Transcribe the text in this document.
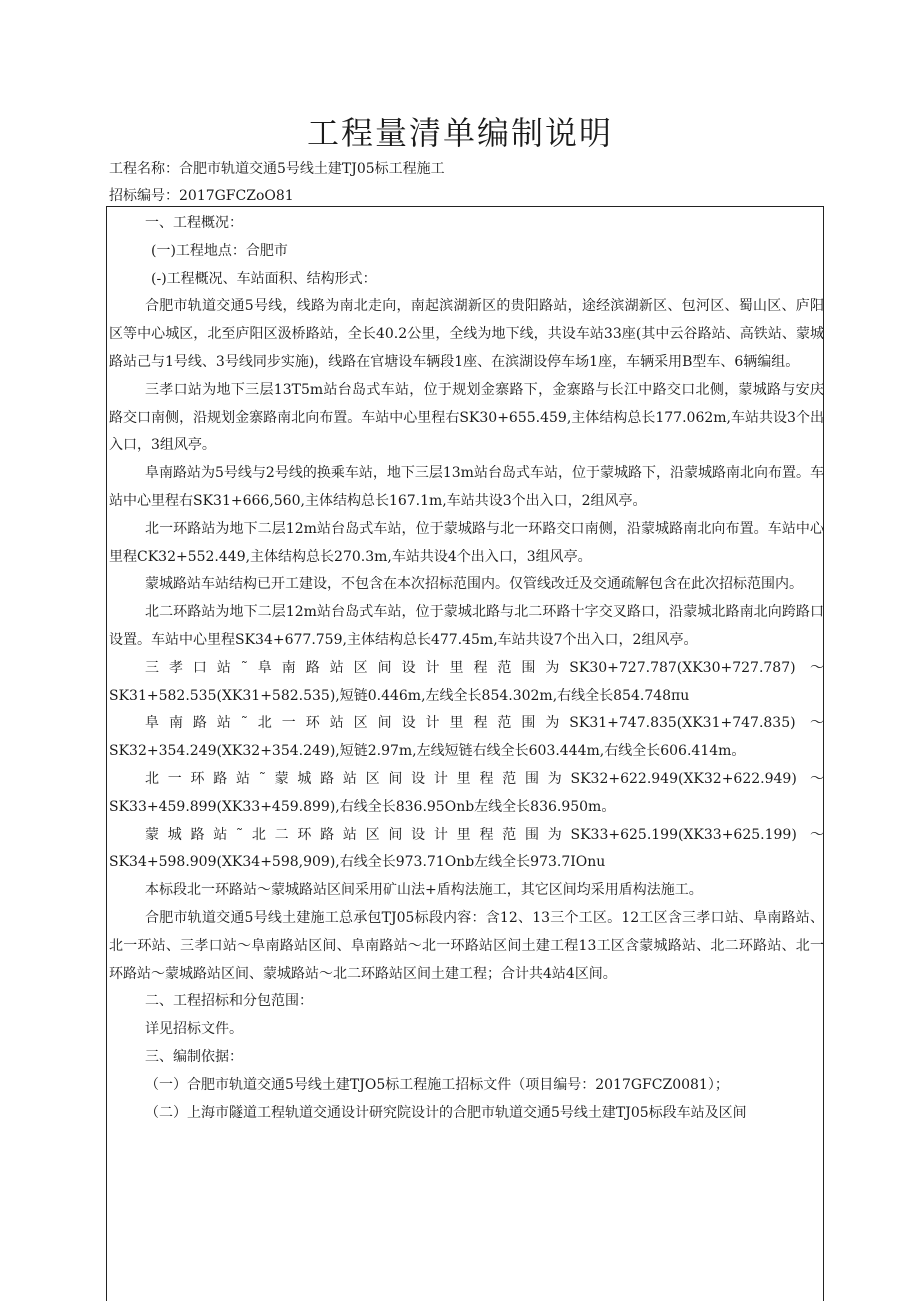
工程量清单编制说明
工程名称：合肥市轨道交通5号线土建TJ05标工程施工
招标编号：2017GFCZoO81

一、工程概况：

(一)工程地点：合肥市

(-)工程概况、车站面积、结构形式：

合肥市轨道交通5号线，线路为南北走向，南起滨湖新区的贵阳路站，途经滨湖新区、包河区、蜀山区、庐阳区等中心城区，北至庐阳区汲桥路站，全长40.2公里，全线为地下线，共设车站33座(其中云谷路站、高铁站、蒙城路站己与1号线、3号线同步实施)，线路在官塘设车辆段1座、在滨湖设停车场1座，车辆采用B型车、6辆编组。

三孝口站为地下三层13T5m站台岛式车站，位于规划金寨路下，金寨路与长江中路交口北侧，蒙城路与安庆路交口南侧，沿规划金寨路南北向布置。车站中心里程右SK30+655.459,主体结构总长177.062m,车站共设3个出入口，3组风亭。

阜南路站为5号线与2号线的换乘车站，地下三层13m站台岛式车站，位于蒙城路下，沿蒙城路南北向布置。车站中心里程右SK31+666,560,主体结构总长167.1m,车站共设3个出入口，2组风亭。

北一环路站为地下二层12m站台岛式车站，位于蒙城路与北一环路交口南侧，沿蒙城路南北向布置。车站中心里程CK32+552.449,主体结构总长270.3m,车站共设4个出入口，3组风亭。

蒙城路站车站结构已开工建设，不包含在本次招标范围内。仅管线改迁及交通疏解包含在此次招标范围内。

北二环路站为地下二层12m站台岛式车站，位于蒙城北路与北二环路十字交叉路口，沿蒙城北路南北向跨路口设置。车站中心里程SK34+677.759,主体结构总长477.45m,车站共设7个出入口，2组风亭。

三孝口站˜阜南路站区间设计里程范围为SK30+727.787(XK30+727.787) ～

SK31+582.535(XK31+582.535),短链0.446m,左线全长854.302m,右线全长854.748πu

阜南路站˜北一环站区间设计里程范围为SK31+747.835(XK31+747.835) ～

SK32+354.249(XK32+354.249),短链2.97m,左线短链右线全长603.444m,右线全长606.414m。

北一环路站˜蒙城路站区间设计里程范围为SK32+622.949(XK32+622.949) ～

SK33+459.899(XK33+459.899),右线全长836.95Onb左线全长836.950m。

蒙城路站˜北二环路站区间设计里程范围为SK33+625.199(XK33+625.199) ～

SK34+598.909(XK34+598,909),右线全长973.71Onb左线全长973.7IOnu

本标段北一环路站～蒙城路站区间采用矿山法+盾构法施工，其它区间均采用盾构法施工。

合肥市轨道交通5号线土建施工总承包TJ05标段内容：含12、13三个工区。12工区含三孝口站、阜南路站、北一环站、三孝口站～阜南路站区间、阜南路站～北一环路站区间土建工程13工区含蒙城路站、北二环路站、北一环路站～蒙城路站区间、蒙城路站～北二环路站区间土建工程；合计共4站4区间。

二、工程招标和分包范围：

详见招标文件。

三、编制依据：

（一）合肥市轨道交通5号线土建TJO5标工程施工招标文件（项目编号：2017GFCZ0081）；

（二）上海市隧道工程轨道交通设计研究院设计的合肥市轨道交通5号线土建TJ05标段车站及区间
